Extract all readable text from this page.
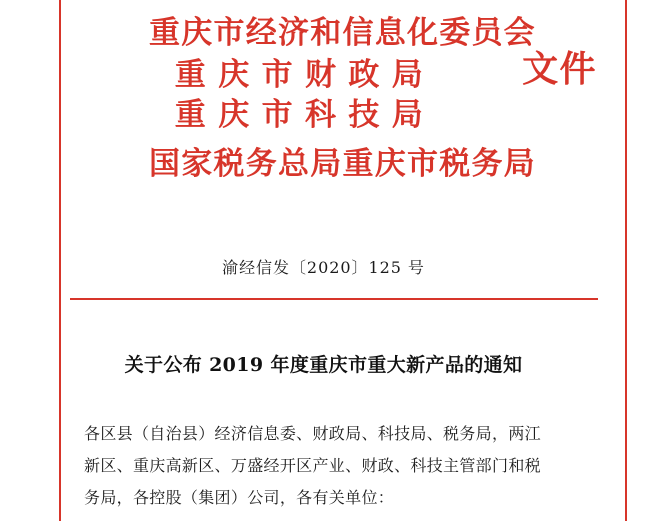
重庆市经济和信息化委员会
重庆市财政局
重庆市科技局
国家税务总局重庆市税务局
文件
渝经信发〔2020〕125 号
关于公布 2019 年度重庆市重大新产品的通知

各区县（自治县）经济信息委、财政局、科技局、税务局，两江

新区、重庆高新区、万盛经开区产业、财政、科技主管部门和税

务局，各控股（集团）公司，各有关单位：
